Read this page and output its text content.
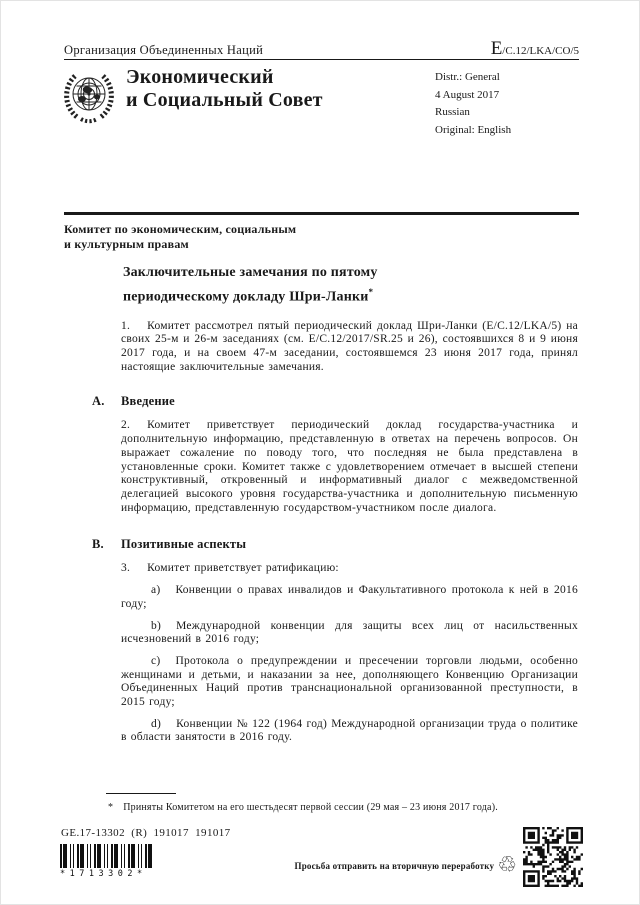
Организация Объединенных Наций	E/C.12/LKA/CO/5
Экономический
и Социальный Совет
Distr.: General
4 August 2017
Russian
Original: English
Комитет по экономическим, социальным
и культурным правам
Заключительные замечания по пятому
периодическому докладу Шри-Ланки*

1. Комитет рассмотрел пятый периодический доклад Шри-Ланки (E/C.12/LKA/5) на своих 25-м и 26-м заседаниях (см. E/C.12/2017/SR.25 и 26), состоявшихся 8 и 9 июня 2017 года, и на своем 47-м заседании, состоявшемся 23 июня 2017 года, принял настоящие заключительные замечания.

A. Введение

2. Комитет приветствует периодический доклад государства-участника и дополнительную информацию, представленную в ответах на перечень вопросов. Он выражает сожаление по поводу того, что последняя не была представлена в установленные сроки. Комитет также с удовлетворением отмечает в высшей степени конструктивный, откровенный и информативный диалог с межведомственной делегацией высокого уровня государства-участника и дополнительную письменную информацию, представленную государством-участником после диалога.

B. Позитивные аспекты

3. Комитет приветствует ратификацию:

a) Конвенции о правах инвалидов и Факультативного протокола к ней в 2016 году;

b) Международной конвенции для защиты всех лиц от насильственных исчезновений в 2016 году;

c) Протокола о предупреждении и пресечении торговли людьми, особенно женщинами и детьми, и наказании за нее, дополняющего Конвенцию Организации Объединенных Наций против транснациональной организованной преступности, в 2015 году;

d) Конвенции № 122 (1964 год) Международной организации труда о политике в области занятости в 2016 году.

* Приняты Комитетом на его шестьдесят первой сессии (29 мая – 23 июня 2017 года).
GE.17-13302  (R)  191017  191017
*1713302*
Просьба отправить на вторичную переработку ♲
